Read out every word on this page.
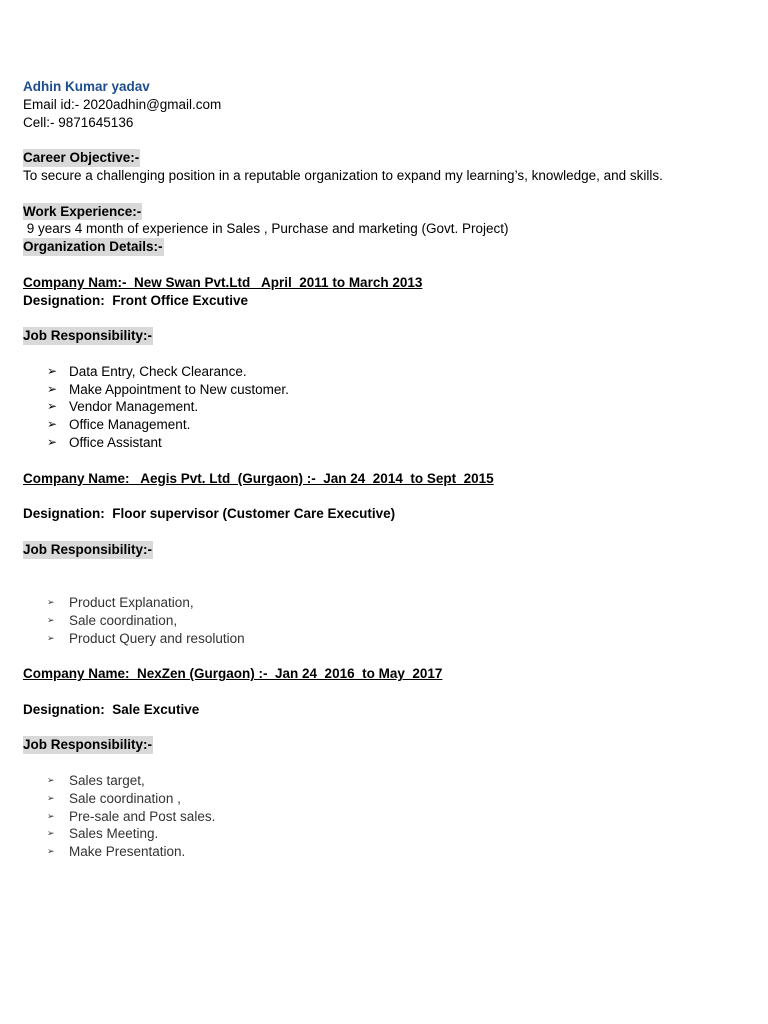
Adhin Kumar yadav
Email id:- 2020adhin@gmail.com
Cell:- 9871645136
Career Objective:-
To secure a challenging position in a reputable organization to expand my learning’s, knowledge, and skills.
Work Experience:-
9 years 4 month of experience in Sales , Purchase and marketing (Govt. Project)
Organization Details:-
Company Nam:-  New Swan Pvt.Ltd   April  2011 to March 2013
Designation:  Front Office Excutive
Job Responsibility:-
➢ Data Entry, Check Clearance.
➢ Make Appointment to New customer.
➢ Vendor Management.
➢ Office Management.
➢ Office Assistant
Company Name:   Aegis Pvt. Ltd  (Gurgaon) :-  Jan 24  2014  to Sept  2015
Designation:  Floor supervisor (Customer Care Executive)
Job Responsibility:-
➢ Product Explanation,
➢ Sale coordination,
➢ Product Query and resolution
Company Name:  NexZen (Gurgaon) :-  Jan 24  2016  to May  2017
Designation:  Sale Excutive
Job Responsibility:-
➢ Sales target,
➢ Sale coordination ,
➢ Pre-sale and Post sales.
➢ Sales Meeting.
➢ Make Presentation.
